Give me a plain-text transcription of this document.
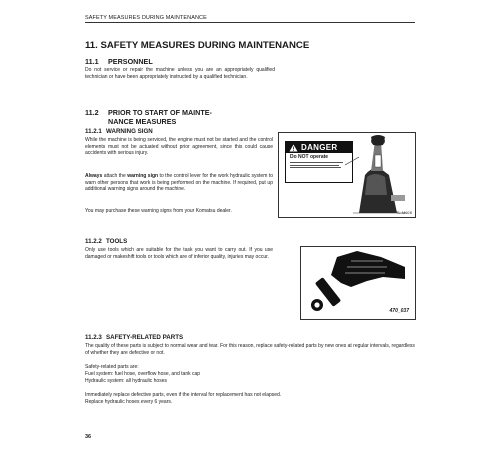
SAFETY MEASURES DURING MAINTENANCE
11. SAFETY MEASURES DURING MAINTENANCE
11.1 PERSONNEL

Do not service or repair the machine unless you are an appropriately qualified technician or have been appropriately instructed by a qualified technician.

11.2 PRIOR TO START OF MAINTE-
NANCE MEASURES
11.2.1 WARNING SIGN

While the machine is being serviced, the engine must not be started and the control elements must not be actuated without prior agreement, since this could cause accidents with serious injury.

Always attach the warning sign to the control lever for the work hydraulic system to warn other persons that work is being performed on the machine. If required, put up additional warning signs around the machine.

You may purchase these warning signs from your Komatsu dealer.

DANGER
Do NOT operate
TL-M028
11.2.2 TOOLS

Only use tools which are suitable for the task you want to carry out. If you use damaged or makeshift tools or tools which are of inferior quality, injuries may occur.

470_037
11.2.3 SAFETY-RELATED PARTS

The quality of these parts is subject to normal wear and tear. For this reason, replace safety-related parts by new ones at regular intervals, regardless of whether they are defective or not.

Safety-related parts are:

Fuel system: fuel hose, overflow hose, and tank cap

Hydraulic system: all hydraulic hoses

Immediately replace defective parts, even if the interval for replacement has not elapsed.

Replace hydraulic hoses every 6 years.

36
